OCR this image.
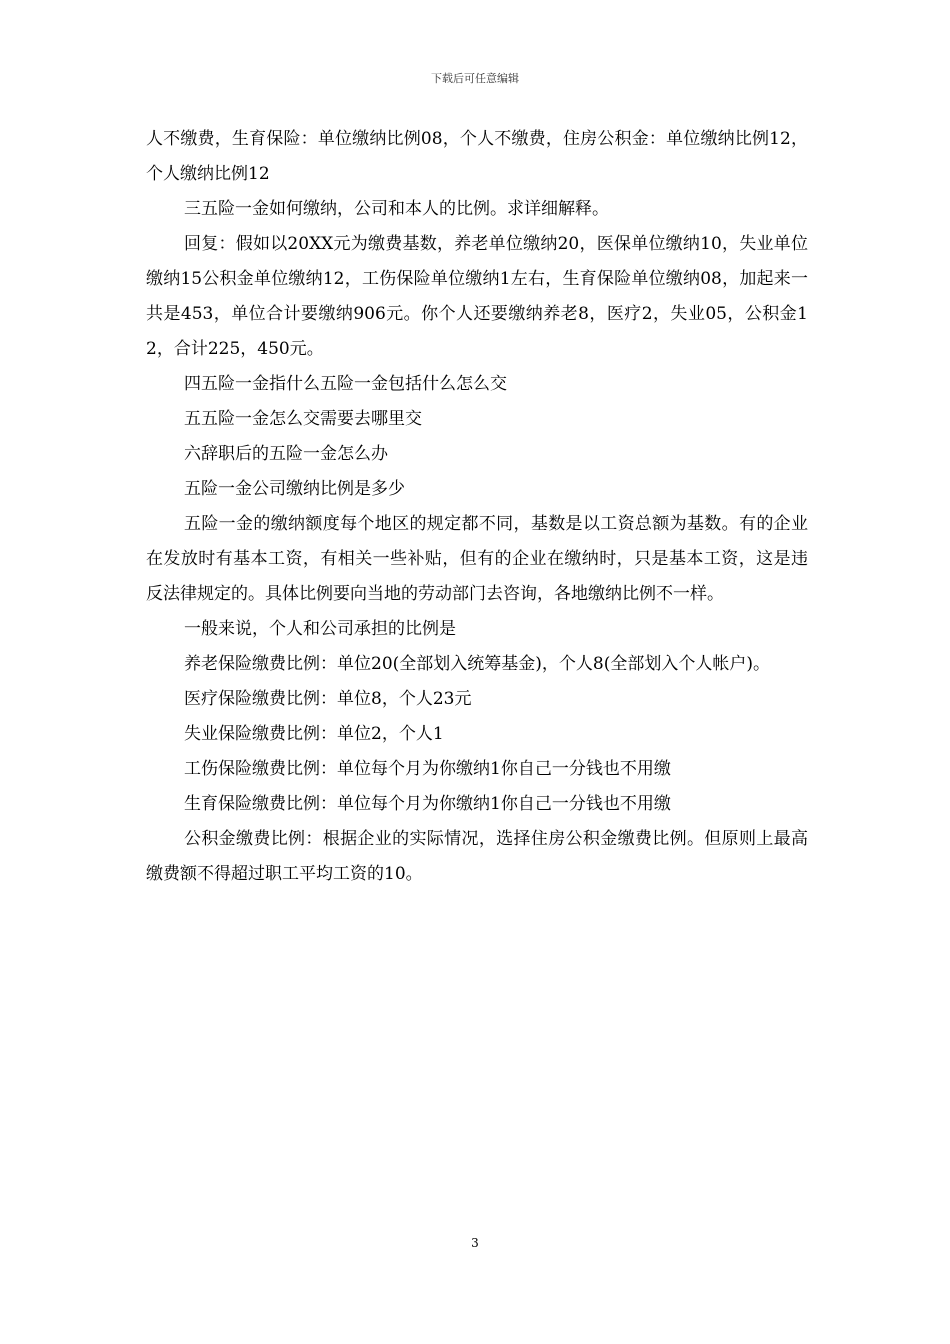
下载后可任意编辑

人不缴费，生育保险：单位缴纳比例08，个人不缴费，住房公积金：单位缴纳比例12，个人缴纳比例12

三五险一金如何缴纳，公司和本人的比例。求详细解释。

回复：假如以20XX元为缴费基数，养老单位缴纳20，医保单位缴纳10，失业单位缴纳15公积金单位缴纳12，工伤保险单位缴纳1左右，生育保险单位缴纳08，加起来一共是453，单位合计要缴纳906元。你个人还要缴纳养老8，医疗2，失业05，公积金12，合计225，450元。

四五险一金指什么五险一金包括什么怎么交

五五险一金怎么交需要去哪里交

六辞职后的五险一金怎么办

五险一金公司缴纳比例是多少

五险一金的缴纳额度每个地区的规定都不同，基数是以工资总额为基数。有的企业在发放时有基本工资，有相关一些补贴，但有的企业在缴纳时，只是基本工资，这是违反法律规定的。具体比例要向当地的劳动部门去咨询，各地缴纳比例不一样。

一般来说，个人和公司承担的比例是

养老保险缴费比例：单位20(全部划入统筹基金)，个人8(全部划入个人帐户)。

医疗保险缴费比例：单位8，个人23元

失业保险缴费比例：单位2，个人1

工伤保险缴费比例：单位每个月为你缴纳1你自己一分钱也不用缴

生育保险缴费比例：单位每个月为你缴纳1你自己一分钱也不用缴

公积金缴费比例：根据企业的实际情况，选择住房公积金缴费比例。但原则上最高缴费额不得超过职工平均工资的10。

3
